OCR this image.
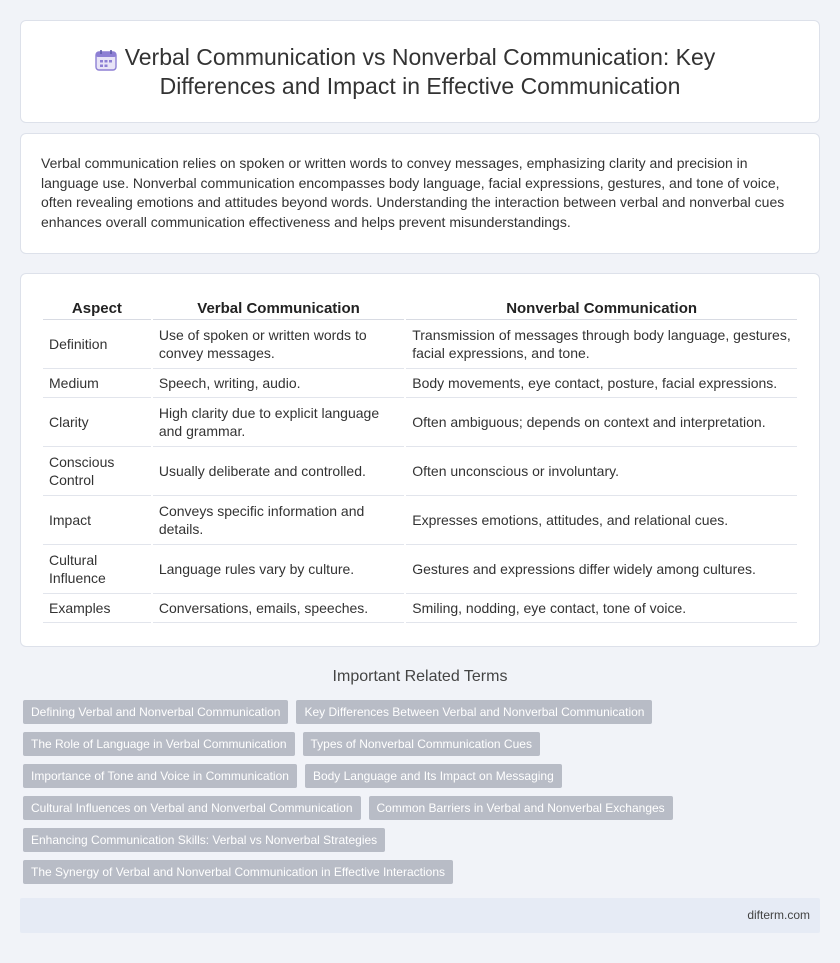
Verbal Communication vs Nonverbal Communication: Key Differences and Impact in Effective Communication

Verbal communication relies on spoken or written words to convey messages, emphasizing clarity and precision in language use. Nonverbal communication encompasses body language, facial expressions, gestures, and tone of voice, often revealing emotions and attitudes beyond words. Understanding the interaction between verbal and nonverbal cues enhances overall communication effectiveness and helps prevent misunderstandings.

Aspect	Verbal Communication	Nonverbal Communication
Definition	Use of spoken or written words to convey messages.	Transmission of messages through body language, gestures, facial expressions, and tone.
Medium	Speech, writing, audio.	Body movements, eye contact, posture, facial expressions.
Clarity	High clarity due to explicit language and grammar.	Often ambiguous; depends on context and interpretation.
Conscious Control	Usually deliberate and controlled.	Often unconscious or involuntary.
Impact	Conveys specific information and details.	Expresses emotions, attitudes, and relational cues.
Cultural Influence	Language rules vary by culture.	Gestures and expressions differ widely among cultures.
Examples	Conversations, emails, speeches.	Smiling, nodding, eye contact, tone of voice.
Important Related Terms
Defining Verbal and Nonverbal Communication	Key Differences Between Verbal and Nonverbal Communication
The Role of Language in Verbal Communication	Types of Nonverbal Communication Cues
Importance of Tone and Voice in Communication	Body Language and Its Impact on Messaging
Cultural Influences on Verbal and Nonverbal Communication	Common Barriers in Verbal and Nonverbal Exchanges
Enhancing Communication Skills: Verbal vs Nonverbal Strategies
The Synergy of Verbal and Nonverbal Communication in Effective Interactions
difterm.com
